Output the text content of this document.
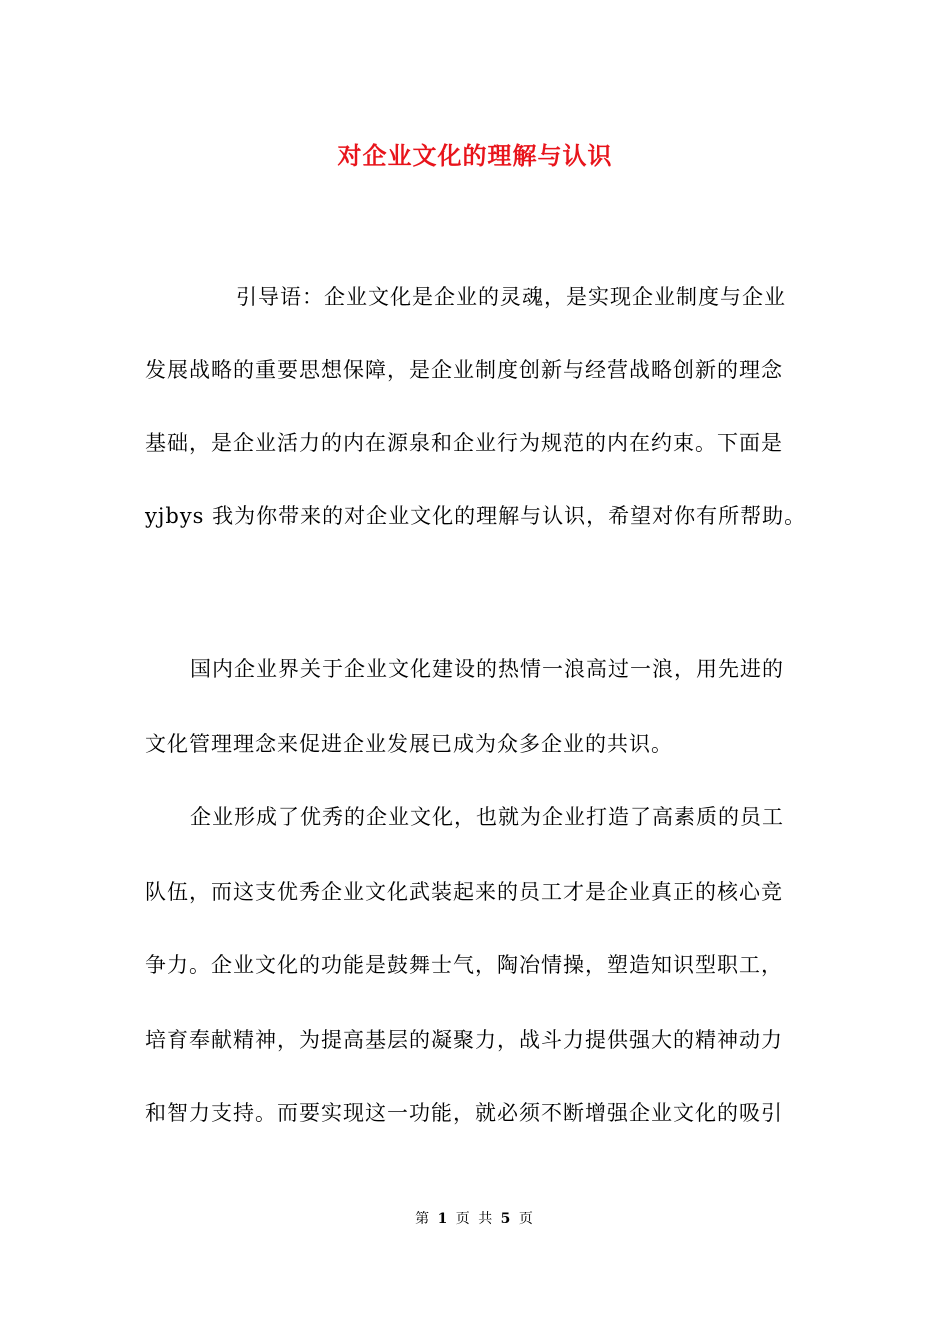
对企业文化的理解与认识
引导语：企业文化是企业的灵魂，是实现企业制度与企业
发展战略的重要思想保障，是企业制度创新与经营战略创新的理念
基础，是企业活力的内在源泉和企业行为规范的内在约束。下面是
yjbys 我为你带来的对企业文化的理解与认识，希望对你有所帮助。
国内企业界关于企业文化建设的热情一浪高过一浪，用先进的
文化管理理念来促进企业发展已成为众多企业的共识。
企业形成了优秀的企业文化，也就为企业打造了高素质的员工
队伍，而这支优秀企业文化武装起来的员工才是企业真正的核心竞
争力。企业文化的功能是鼓舞士气，陶冶情操，塑造知识型职工，
培育奉献精神，为提高基层的凝聚力，战斗力提供强大的精神动力
和智力支持。而要实现这一功能，就必须不断增强企业文化的吸引
第 1 页 共 5 页
